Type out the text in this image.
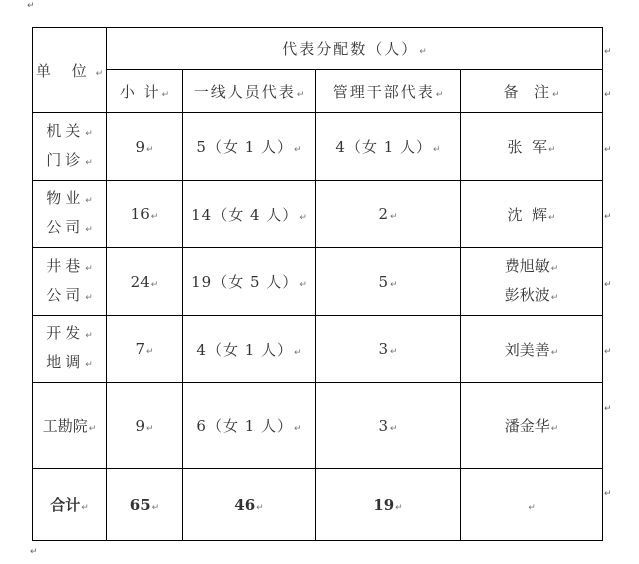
↵
单 位↵	代表分配数（人）↵			
	小 计↵	一线人员代表↵	管理干部代表↵	备  注↵

机关↵
门诊↵	9↵	5（女 1 人）↵	4（女 1 人）↵	张  军↵

物业↵
公司↵	16↵	14（女 4 人）↵	2↵	沈  辉↵

井巷↵
公司↵	24↵	19（女 5 人）↵	5↵	费旭敏↵
彭秋波↵

开发↵
地调↵	7↵	4（女 1 人）↵	3↵	刘美善↵
工勘院↵	9↵	6（女 1 人）↵	3↵	潘金华↵
合计↵	65↵	46↵	19↵	↵
↵
↵
↵
↵
↵
↵
↵
↵
↵
